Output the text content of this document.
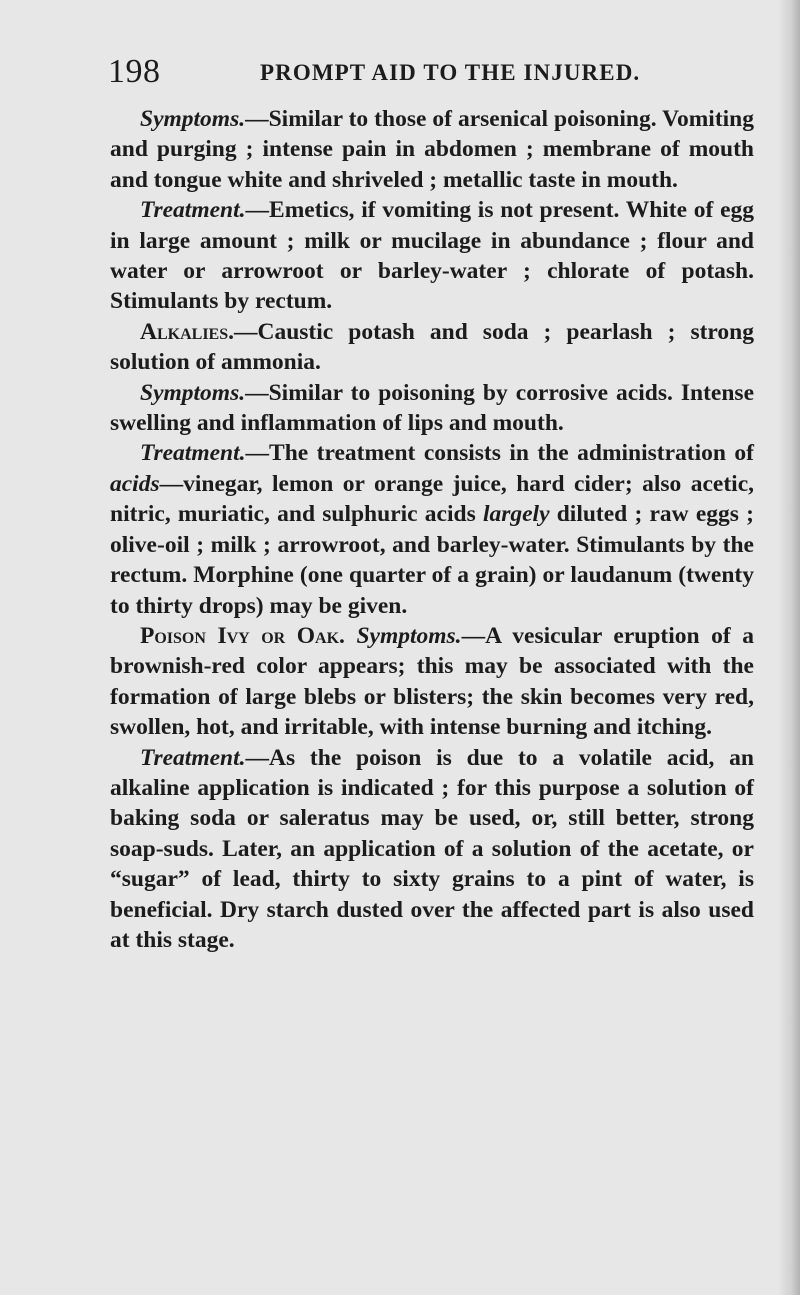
198	PROMPT AID TO THE INJURED.

Symptoms.—Similar to those of arsenical poisoning. Vomiting and purging ; intense pain in abdomen ; membrane of mouth and tongue white and shriveled ; metallic taste in mouth.

Treatment.—Emetics, if vomiting is not present. White of egg in large amount ; milk or mucilage in abundance ; flour and water or arrowroot or barley-water ; chlorate of potash. Stimulants by rectum.

Alkalies.—Caustic potash and soda ; pearlash ; strong solution of ammonia.

Symptoms.—Similar to poisoning by corrosive acids. Intense swelling and inflammation of lips and mouth.

Treatment.—The treatment consists in the administration of acids—vinegar, lemon or orange juice, hard cider; also acetic, nitric, muriatic, and sulphuric acids largely diluted ; raw eggs ; olive-oil ; milk ; arrowroot, and barley-water. Stimulants by the rectum. Morphine (one quarter of a grain) or laudanum (twenty to thirty drops) may be given.

Poison Ivy or Oak. Symptoms.—A vesicular eruption of a brownish-red color appears; this may be associated with the formation of large blebs or blisters; the skin becomes very red, swollen, hot, and irritable, with intense burning and itching.

Treatment.—As the poison is due to a volatile acid, an alkaline application is indicated ; for this purpose a solution of baking soda or saleratus may be used, or, still better, strong soap-suds. Later, an application of a solution of the acetate, or “sugar” of lead, thirty to sixty grains to a pint of water, is beneficial. Dry starch dusted over the affected part is also used at this stage.
